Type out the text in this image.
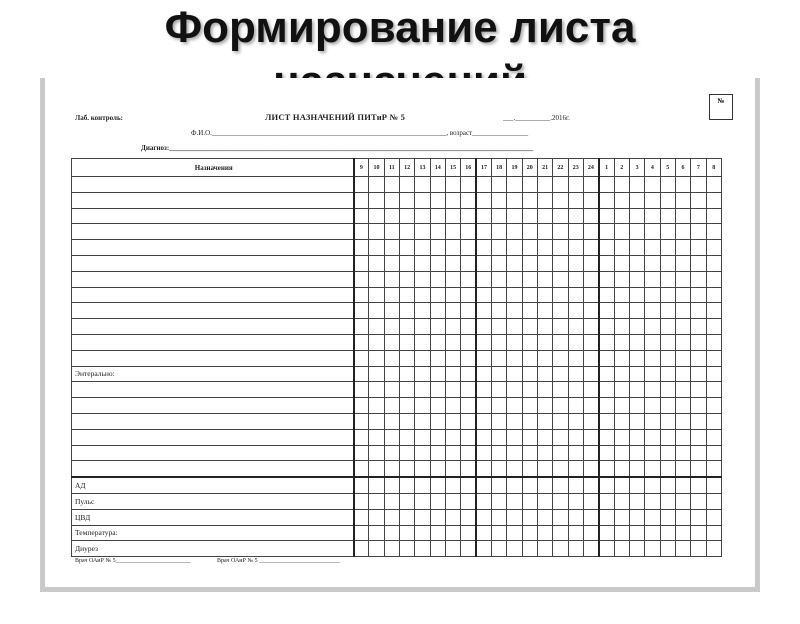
Формирование листа
Лаб. контроль:	ЛИСТ НАЗНАЧЕНИЙ ПИТиР № 5	___.__________.2016г.
№
Ф.И.О.___________________________________________________________________, возраст________________
Диагноз:________________________________________________________________________________________________________
Назначения	9	10	11	12	13	14	15	16	17	18	19	20	21	22	23	24	1	2	3	4	5	6	7	8

Энтерально:																								

АД																								
Пульс																								
ЦВД																								
Температура:																								
Диурез																								
Врач ОАиР № 5_________________________	Врач ОАиР № 5 ___________________________
